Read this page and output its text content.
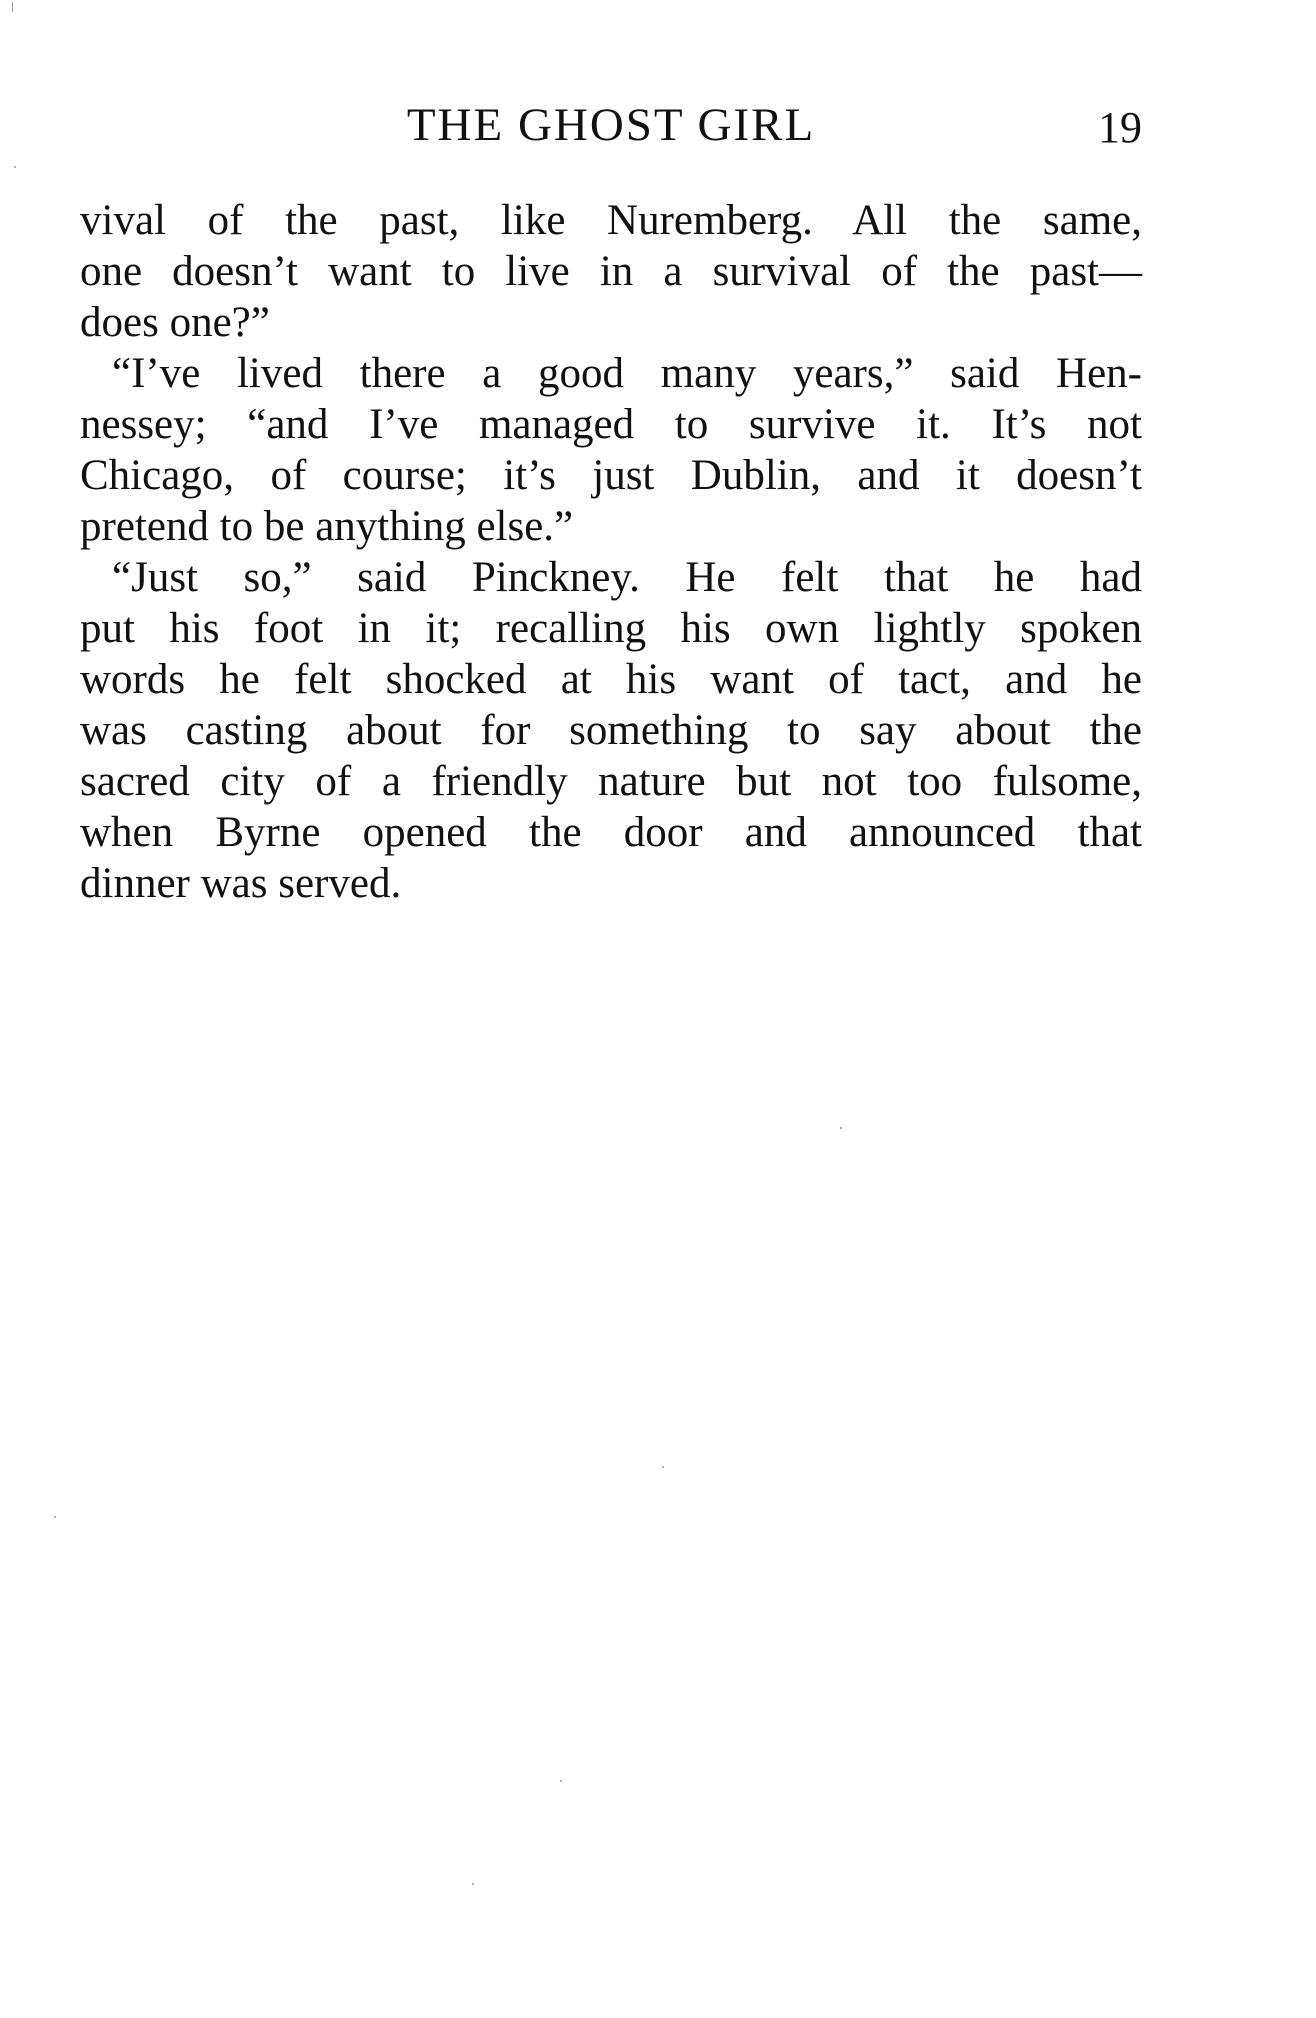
THE GHOST GIRL	19
vival of the past, like Nuremberg. All the same,
one doesn’t want to live in a survival of the past—
does one?”
“I’ve lived there a good many years,” said Hen-
nessey; “and I’ve managed to survive it. It’s not
Chicago, of course; it’s just Dublin, and it doesn’t
pretend to be anything else.”
“Just so,” said Pinckney. He felt that he had
put his foot in it; recalling his own lightly spoken
words he felt shocked at his want of tact, and he
was casting about for something to say about the
sacred city of a friendly nature but not too fulsome,
when Byrne opened the door and announced that
dinner was served.
